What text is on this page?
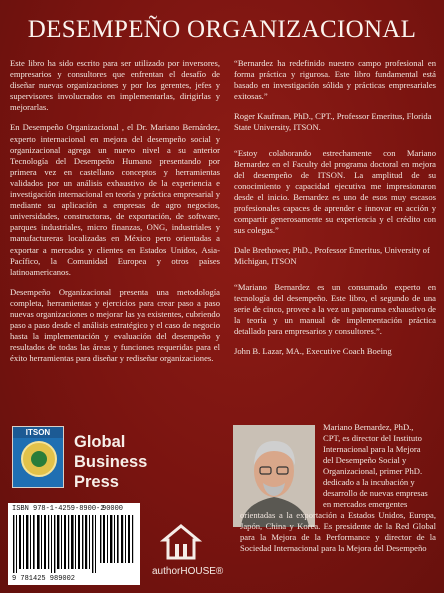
DESEMPEÑO ORGANIZACIONAL

Este libro ha sido escrito para ser utilizado por inversores, empresarios y consultores que enfrentan el desafío de diseñar nuevas organizaciones y por los gerentes, jefes y supervisores involucrados en implementarlas, dirigirlas y mejorarlas.

En Desempeño Organizacional , el Dr. Mariano Bernárdez, experto internacional en mejora del desempeño social y organizacional agrega un nuevo nivel a su anterior Tecnología del Desempeño Humano presentando por primera vez en castellano conceptos y herramientas validados por un análisis exhaustivo de la experiencia e investigación internacional en teoría y práctica empresarial y mediante su aplicación a empresas de agro negocios, universidades, constructoras, de exportación, de software, parques industriales, micro finanzas, ONG, industriales y manufactureras localizadas en México pero orientadas a exportar a mercados y clientes en Estados Unidos, Asia-Pacífico, la Comunidad Europea y otros países latinoamericanos.

Desempeño Organizacional presenta una metodología completa, herramientas y ejercicios para crear paso a paso nuevas organizaciones o mejorar las ya existentes, cubriendo paso a paso desde el análisis estratégico y el caso de negocio hasta la implementación y evaluación del desempeño y resultados de todas las áreas y funciones requeridas para el éxito herramientas para diseñar y rediseñar organizaciones.

“Bernardez ha redefinido nuestro campo profesional en forma práctica y rigurosa. Este libro fundamental está basado en investigación sólida y prácticas empresariales exitosas.”

Roger Kaufman, PhD., CPT., Professor Emeritus, Florida State University, ITSON.

“Estoy colaborando estrechamente con Mariano Bernardez en el Faculty del programa doctoral en mejora del desempeño de ITSON. La amplitud de su conocimiento y capacidad ejecutiva me impresionaron desde el inicio. Bernardez es uno de esos muy escasos profesionales capaces de aprender e innovar en acción y compartir generosamente su experiencia y el crédito con sus colegas.”

Dale Brethower, PhD., Professor Emeritus, University of Michigan, ITSON

“Mariano Bernardez es un consumado experto en tecnología del desempeño. Este libro, el segundo de una serie de cinco, provee a la vez un panorama exhaustivo de la teoría y un manual de implementación práctica detallado para empresarios y consultores.”.

John B. Lazar, MA., Executive Coach Boeing

ITSON
Global
Business
Press
ISBN 978-1-4259-8900-2
90000
9 781425 989002
authorHOUSE®
Mariano Bernardez, PhD.,
CPT, es director del Instituto
Internacional para la Mejora
del Desempeño Social y
Organizacional, primer PhD.
dedicado a la incubación y
desarrollo de nuevas empresas
en mercados emergentes
orientadas a la exportación a Estados Unidos, Europa, Japón, China y Korea. Es presidente de la Red Global para la Mejora de la Performance y director de la Sociedad Internacional para la Mejora del Desempeño
